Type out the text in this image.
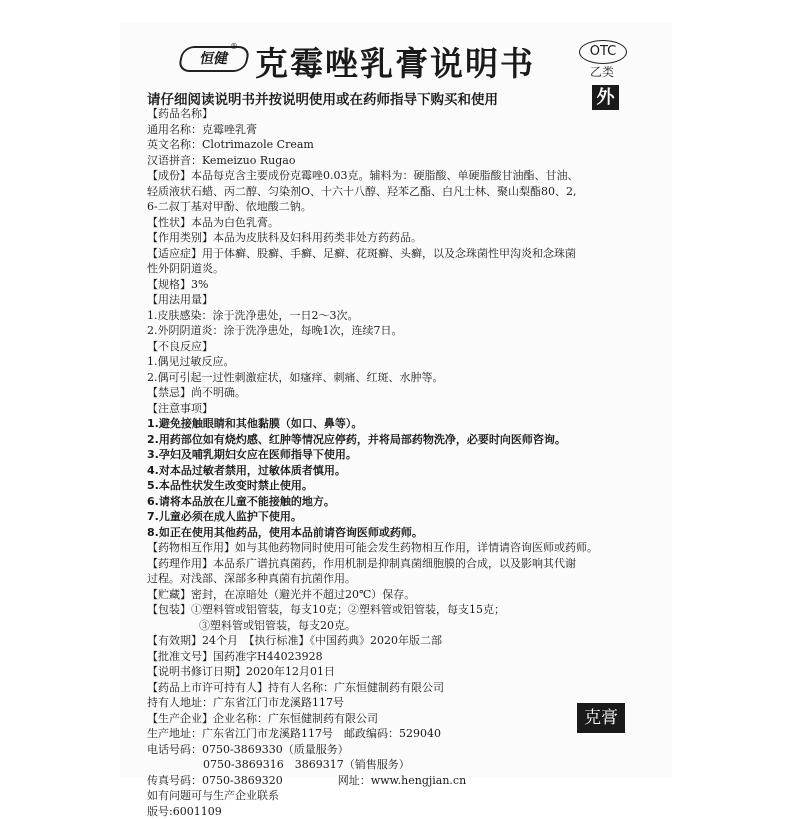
恒健
® 克霉唑乳膏说明书	OTC
乙类
外
请仔细阅读说明书并按说明使用或在药师指导下购买和使用
【药品名称】
通用名称：克霉唑乳膏
英文名称：Clotrimazole Cream
汉语拼音：Kemeizuo Rugao
【成份】本品每克含主要成份克霉唑0.03克。辅料为：硬脂酸、单硬脂酸甘油酯、甘油、
轻质液状石蜡、丙二醇、匀染剂O、十六十八醇、羟苯乙酯、白凡士林、聚山梨酯80、2,
6-二叔丁基对甲酚、依地酸二钠。
【性状】本品为白色乳膏。
【作用类别】本品为皮肤科及妇科用药类非处方药药品。
【适应症】用于体癣、股癣、手癣、足癣、花斑癣、头癣，以及念珠菌性甲沟炎和念珠菌
性外阴阴道炎。
【规格】3%
【用法用量】
1.皮肤感染：涂于洗净患处，一日2～3次。
2.外阴阴道炎：涂于洗净患处，每晚1次，连续7日。
【不良反应】
1.偶见过敏反应。
2.偶可引起一过性刺激症状，如瘙痒、刺痛、红斑、水肿等。
【禁忌】尚不明确。
【注意事项】
1.避免接触眼睛和其他黏膜（如口、鼻等）。
2.用药部位如有烧灼感、红肿等情况应停药，并将局部药物洗净，必要时向医师咨询。
3.孕妇及哺乳期妇女应在医师指导下使用。
4.对本品过敏者禁用，过敏体质者慎用。
5.本品性状发生改变时禁止使用。
6.请将本品放在儿童不能接触的地方。
7.儿童必须在成人监护下使用。
8.如正在使用其他药品，使用本品前请咨询医师或药师。
【药物相互作用】如与其他药物同时使用可能会发生药物相互作用，详情请咨询医师或药师。
【药理作用】本品系广谱抗真菌药，作用机制是抑制真菌细胞膜的合成，以及影响其代谢
过程。对浅部、深部多种真菌有抗菌作用。
【贮藏】密封，在凉暗处（避光并不超过20℃）保存。
【包装】①塑料管或铝管装，每支10克；②塑料管或铝管装，每支15克；
③塑料管或铝管装，每支20克。
【有效期】24个月　【执行标准】《中国药典》2020年版二部
【批准文号】国药准字H44023928
【说明书修订日期】2020年12月01日
【药品上市许可持有人】持有人名称：广东恒健制药有限公司
持有人地址：广东省江门市龙溪路117号
【生产企业】企业名称：广东恒健制药有限公司
生产地址：广东省江门市龙溪路117号　邮政编码：529040
电话号码：0750-3869330（质量服务）
0750-3869316　3869317（销售服务）
传真号码：0750-3869320　　　　　网址：www.hengjian.cn
如有问题可与生产企业联系
版号:6001109
克膏
